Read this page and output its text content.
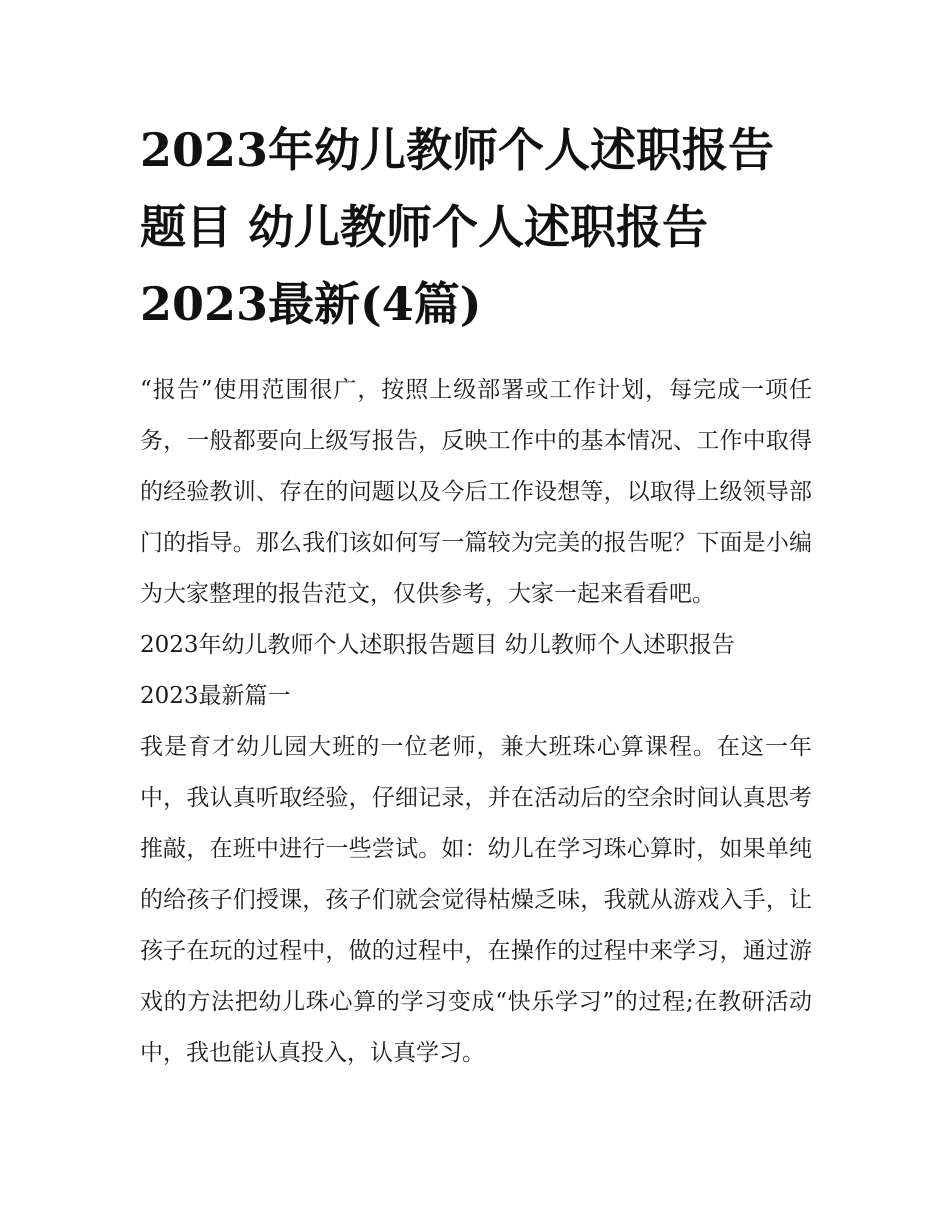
2023年幼儿教师个人述职报告题目 幼儿教师个人述职报告2023最新(4篇)

“报告”使用范围很广，按照上级部署或工作计划，每完成一项任务，一般都要向上级写报告，反映工作中的基本情况、工作中取得的经验教训、存在的问题以及今后工作设想等，以取得上级领导部门的指导。那么我们该如何写一篇较为完美的报告呢？下面是小编为大家整理的报告范文，仅供参考，大家一起来看看吧。

2023年幼儿教师个人述职报告题目 幼儿教师个人述职报告

2023最新篇一

我是育才幼儿园大班的一位老师，兼大班珠心算课程。在这一年中，我认真听取经验，仔细记录，并在活动后的空余时间认真思考推敲，在班中进行一些尝试。如：幼儿在学习珠心算时，如果单纯的给孩子们授课，孩子们就会觉得枯燥乏味，我就从游戏入手，让孩子在玩的过程中，做的过程中，在操作的过程中来学习，通过游戏的方法把幼儿珠心算的学习变成“快乐学习”的过程;在教研活动中，我也能认真投入，认真学习。
